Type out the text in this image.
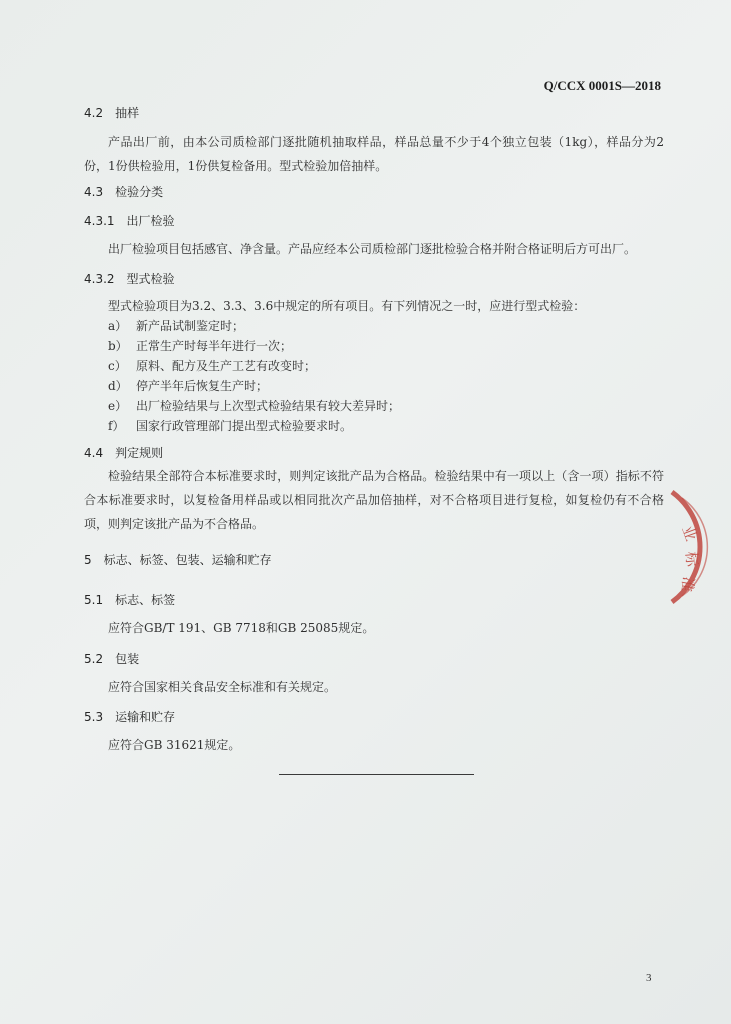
Q/CCX 0001S—2018
4.2 抽样
产品出厂前，由本公司质检部门逐批随机抽取样品，样品总量不少于4个独立包装（1kg），样品分为2份，1份供检验用，1份供复检备用。型式检验加倍抽样。
4.3 检验分类
4.3.1 出厂检验
出厂检验项目包括感官、净含量。产品应经本公司质检部门逐批检验合格并附合格证明后方可出厂。
4.3.2 型式检验
型式检验项目为3.2、3.3、3.6中规定的所有项目。有下列情况之一时，应进行型式检验：
a） 新产品试制鉴定时；
b） 正常生产时每半年进行一次；
c） 原料、配方及生产工艺有改变时；
d） 停产半年后恢复生产时；
e） 出厂检验结果与上次型式检验结果有较大差异时；
f） 国家行政管理部门提出型式检验要求时。
4.4 判定规则
检验结果全部符合本标准要求时，则判定该批产品为合格品。检验结果中有一项以上（含一项）指标不符合本标准要求时，以复检备用样品或以相同批次产品加倍抽样，对不合格项目进行复检，如复检仍有不合格项，则判定该批产品为不合格品。
5 标志、标签、包装、运输和贮存
5.1 标志、标签
应符合GB/T 191、GB 7718和GB 25085规定。
5.2 包装
应符合国家相关食品安全标准和有关规定。
5.3 运输和贮存
应符合GB 31621规定。
业
标
准
3
